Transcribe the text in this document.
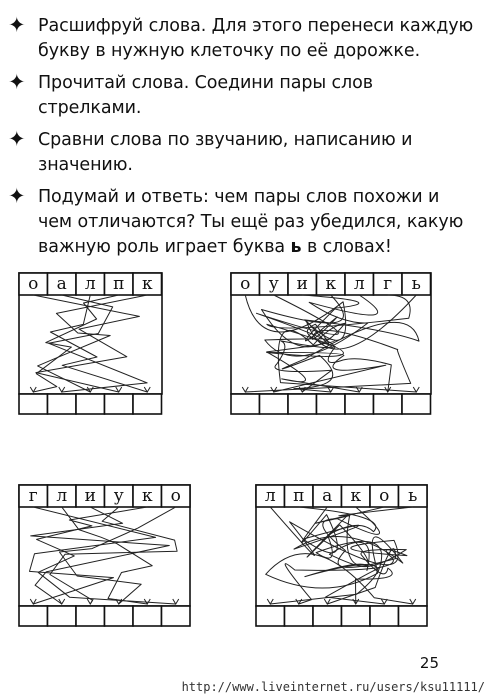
✦ Расшифруй слова. Для этого перенеси каждую букву в нужную клеточку по её дорожке.
✦ Прочитай слова. Соедини пары слов стрелками.
✦ Сравни слова по звучанию, написанию и значению.
✦ Подумай и ответь: чем пары слов похожи и чем отличаются? Ты ещё раз убедился, какую важную роль играет буква ь в словах!
о а л п к	о у и к л г ь
г л и у к о	л п а к о ь
25
http://www.liveinternet.ru/users/ksu11111/
